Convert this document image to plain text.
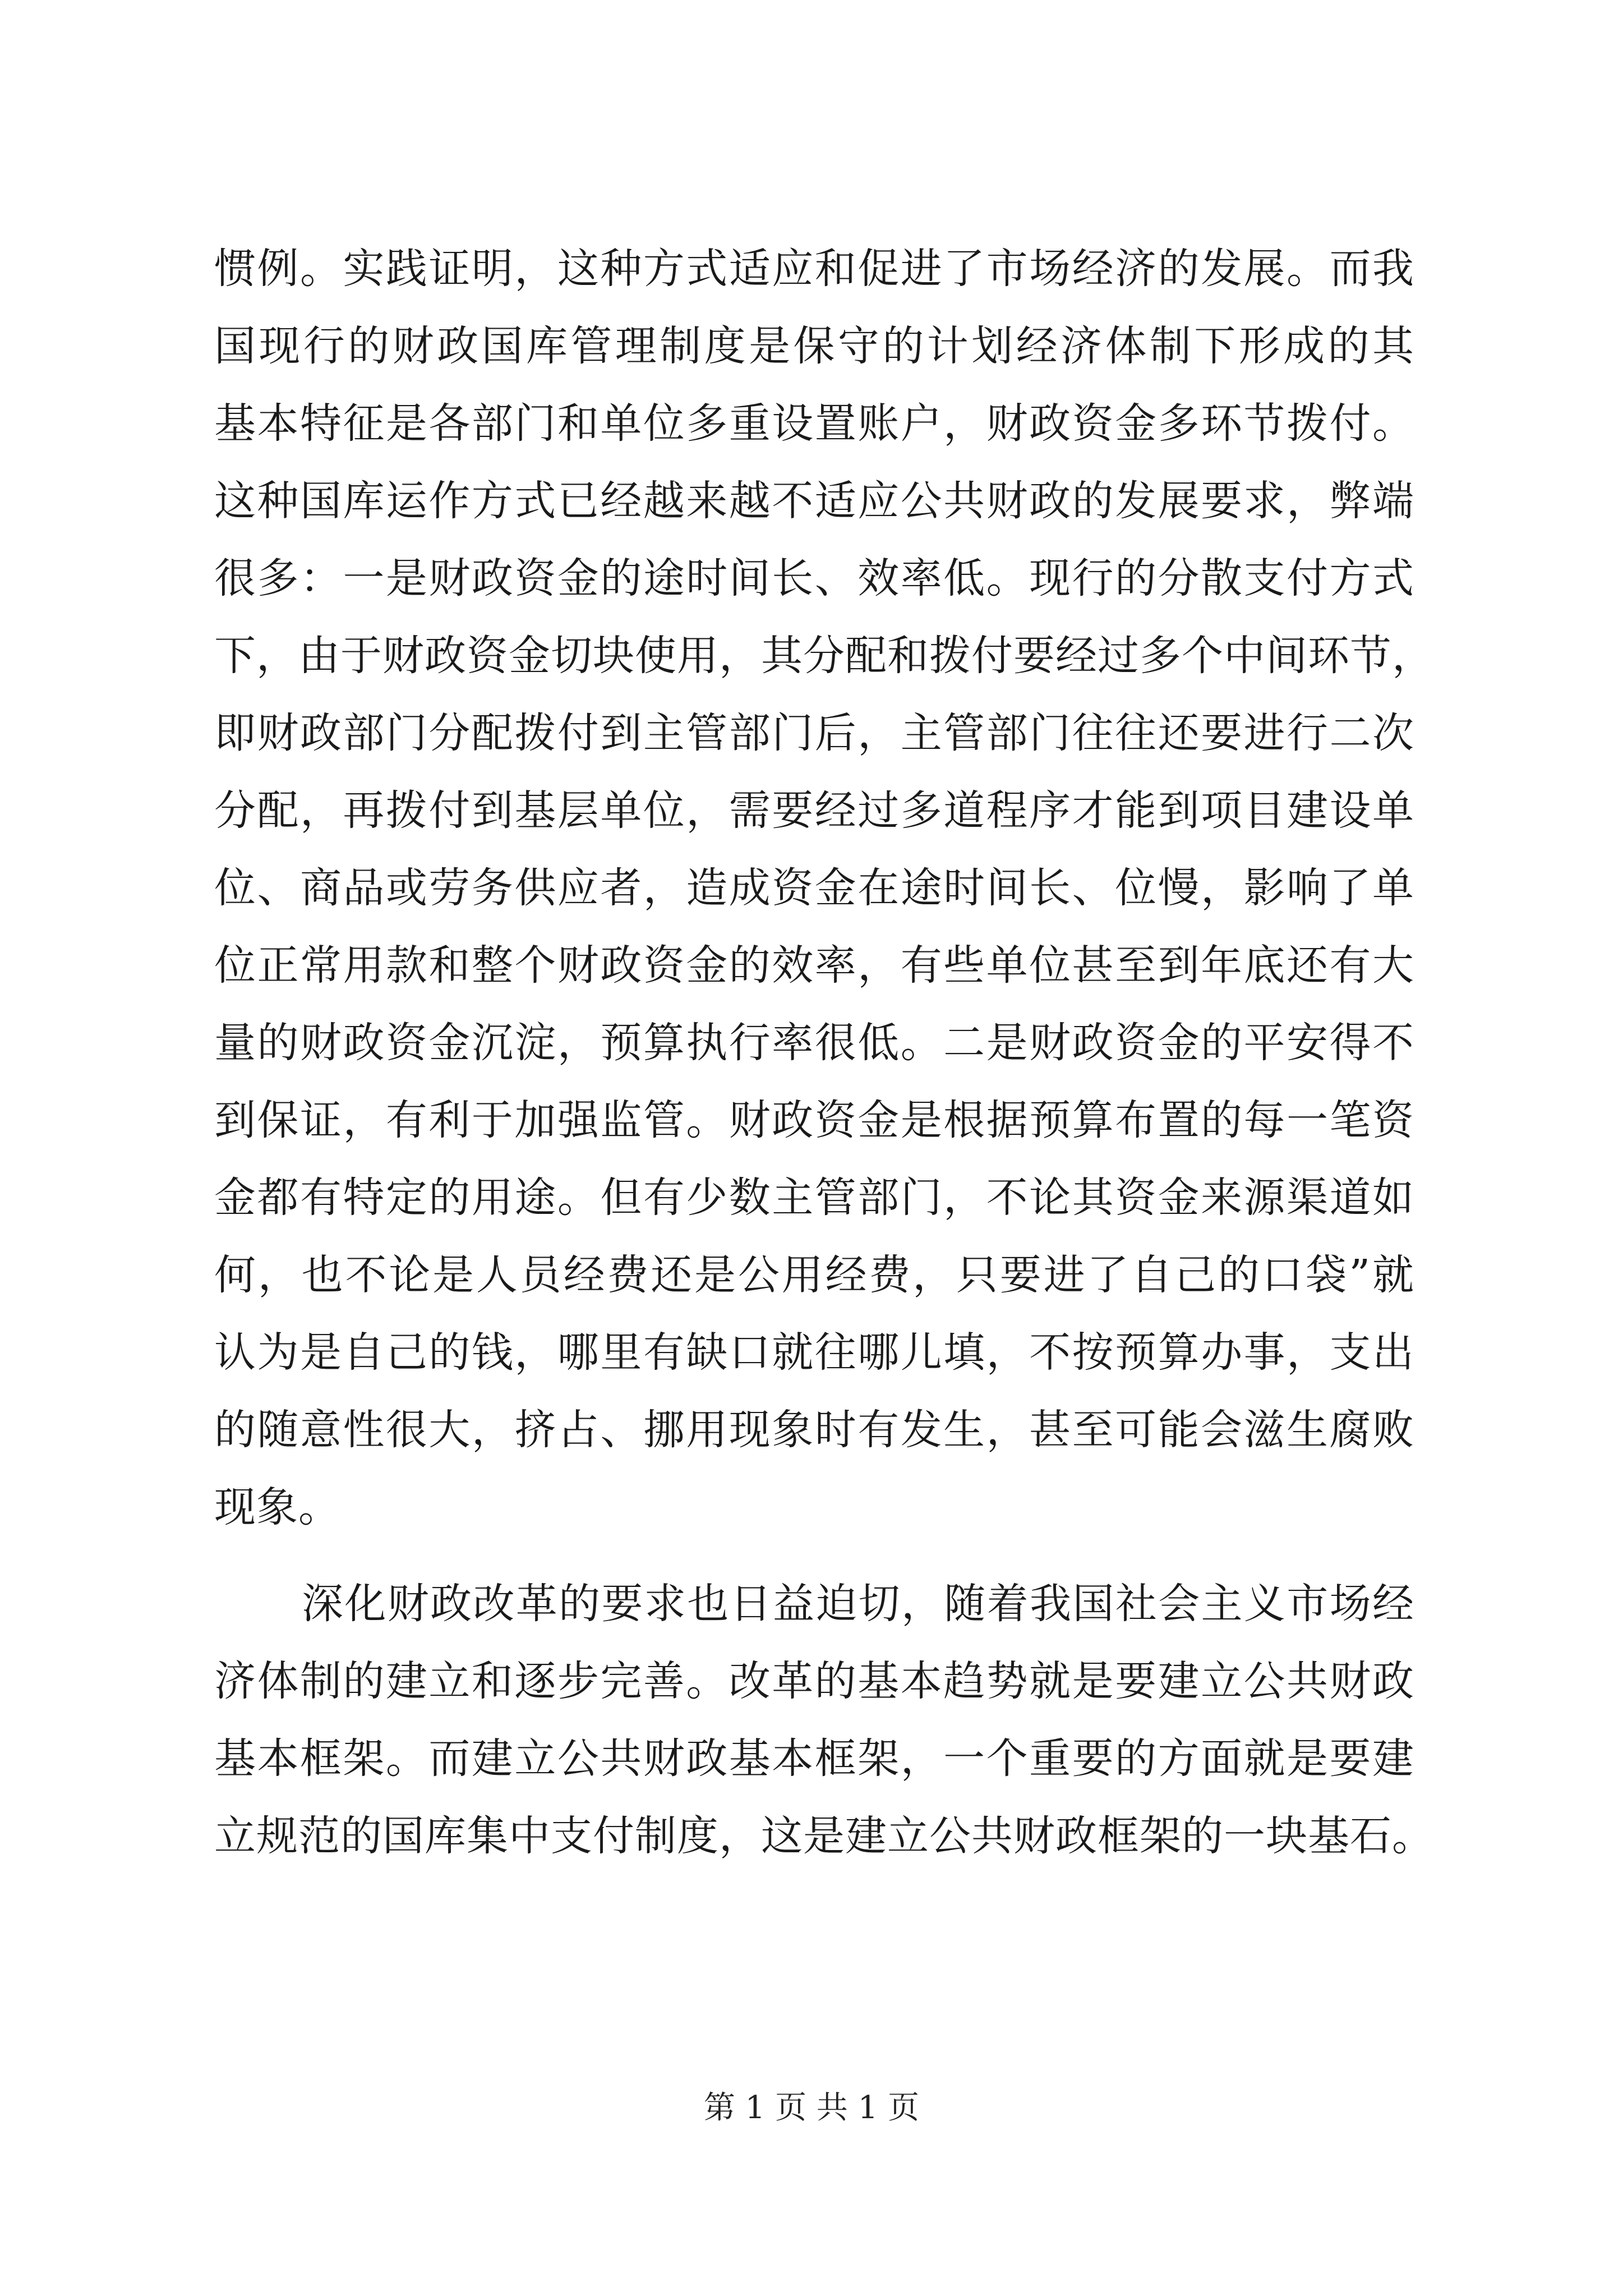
惯例。实践证明，这种方式适应和促进了市场经济的发展。而我
国现行的财政国库管理制度是保守的计划经济体制下形成的其
基本特征是各部门和单位多重设置账户，财政资金多环节拨付。
这种国库运作方式已经越来越不适应公共财政的发展要求，弊端
很多：一是财政资金的途时间长、效率低。现行的分散支付方式
下，由于财政资金切块使用，其分配和拨付要经过多个中间环节，
即财政部门分配拨付到主管部门后，主管部门往往还要进行二次
分配，再拨付到基层单位，需要经过多道程序才能到项目建设单
位、商品或劳务供应者，造成资金在途时间长、位慢，影响了单
位正常用款和整个财政资金的效率，有些单位甚至到年底还有大
量的财政资金沉淀，预算执行率很低。二是财政资金的平安得不
到保证，有利于加强监管。财政资金是根据预算布置的每一笔资
金都有特定的用途。但有少数主管部门，不论其资金来源渠道如
何，也不论是人员经费还是公用经费，只要进了自己的口袋”就
认为是自己的钱，哪里有缺口就往哪儿填，不按预算办事，支出
的随意性很大，挤占、挪用现象时有发生，甚至可能会滋生腐败
现象。
深化财政改革的要求也日益迫切，随着我国社会主义市场经
济体制的建立和逐步完善。改革的基本趋势就是要建立公共财政
基本框架。而建立公共财政基本框架，一个重要的方面就是要建
立规范的国库集中支付制度，这是建立公共财政框架的一块基石。
第 1 页 共 1 页
